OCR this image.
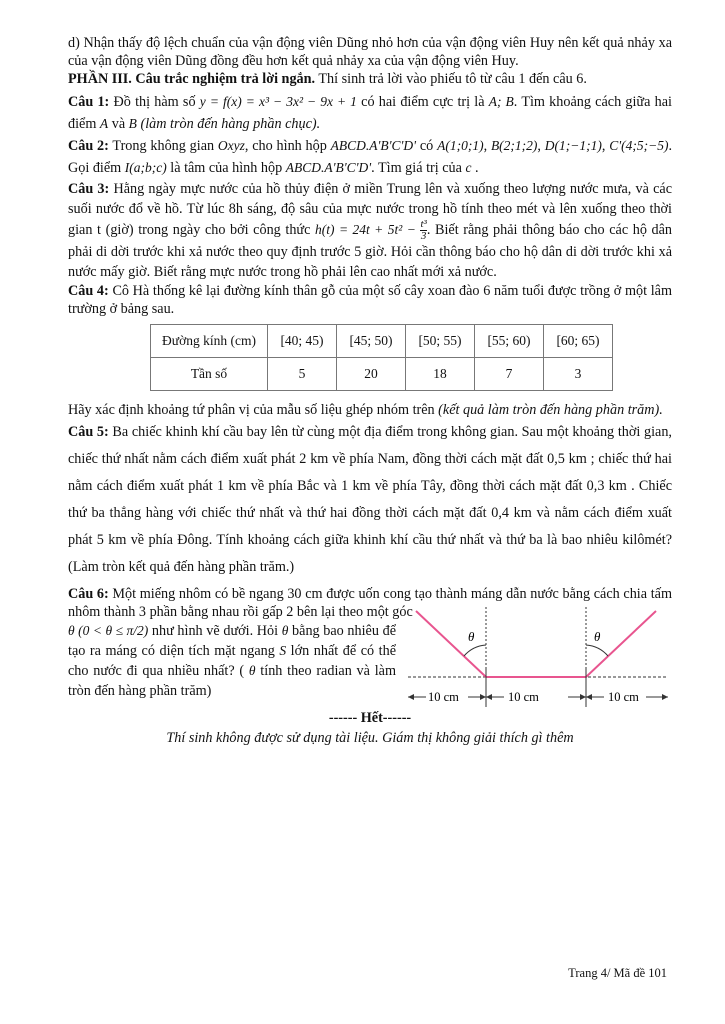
d) Nhận thấy độ lệch chuẩn của vận động viên Dũng nhỏ hơn của vận động viên Huy nên kết quả nhảy xa của vận động viên Dũng đồng đều hơn kết quả nhảy xa của vận động viên Huy.

PHẦN III. Câu trắc nghiệm trả lời ngắn. Thí sinh trả lời vào phiếu tô từ câu 1 đến câu 6.

Câu 1: Đồ thị hàm số y = f(x) = x³ − 3x² − 9x + 1 có hai điểm cực trị là A; B. Tìm khoảng cách giữa hai điểm A và B (làm tròn đến hàng phần chục).

Câu 2: Trong không gian Oxyz, cho hình hộp ABCD.A'B'C'D' có A(1;0;1), B(2;1;2), D(1;−1;1), C'(4;5;−5). Gọi điểm I(a;b;c) là tâm của hình hộp ABCD.A'B'C'D'. Tìm giá trị của c .

Câu 3: Hằng ngày mực nước của hồ thủy điện ở miền Trung lên và xuống theo lượng nước mưa, và các suối nước đổ về hồ. Từ lúc 8h sáng, độ sâu của mực nước trong hồ tính theo mét và lên xuống theo thời gian t (giờ) trong ngày cho bởi công thức $h(t) = 24t + 5t^2 - \frac{\text{t³}}{3}$ . Biết rằng phải thông báo cho các hộ dân phải di dời trước khi xả nước theo quy định trước 5 giờ. Hỏi cần thông báo cho hộ dân di dời trước khi xả nước mấy giờ. Biết rằng mực nước trong hồ phải lên cao nhất mới xả nước.

Câu 4: Cô Hà thống kê lại đường kính thân gỗ của một số cây xoan đào 6 năm tuổi được trồng ở một lâm trường ở bảng sau.

Đường kính (cm)	[40; 45)	[45; 50)	[50; 55)	[55; 60)	[60; 65)
Tần số	5	20	18	7	3

Hãy xác định khoảng tứ phân vị của mẫu số liệu ghép nhóm trên (kết quả làm tròn đến hàng phần trăm).

Câu 5: Ba chiếc khinh khí cầu bay lên từ cùng một địa điểm trong không gian. Sau một khoảng thời gian, chiếc thứ nhất nằm cách điểm xuất phát 2 km về phía Nam, đồng thời cách mặt đất 0,5 km ; chiếc thứ hai nằm cách điểm xuất phát 1 km về phía Bắc và 1 km về phía Tây, đồng thời cách mặt đất 0,3 km . Chiếc thứ ba thẳng hàng với chiếc thứ nhất và thứ hai đồng thời cách mặt đất 0,4 km và nằm cách điểm xuất phát 5 km về phía Đông. Tính khoảng cách giữa khinh khí cầu thứ nhất và thứ ba là bao nhiêu kilômét? (Làm tròn kết quả đến hàng phần trăm.)

Câu 6: Một miếng nhôm có bề ngang 30 cm được uốn cong tạo thành máng dẫn nước bằng cách chia tấm nhôm thành 3 phần bằng nhau rồi gấp 2 bên lại theo một góc

θ (0 < θ ≤ π/2) như hình vẽ dưới. Hỏi θ bằng bao nhiêu để tạo ra máng có diện tích mặt ngang S lớn nhất để có thể cho nước đi qua nhiều nhất? ( θ tính theo radian và làm tròn đến hàng phần trăm)

θ	θ
10 cm	10 cm	10 cm
------ Hết------
Thí sinh không được sử dụng tài liệu. Giám thị không giải thích gì thêm
Trang 4/ Mã đề 101
